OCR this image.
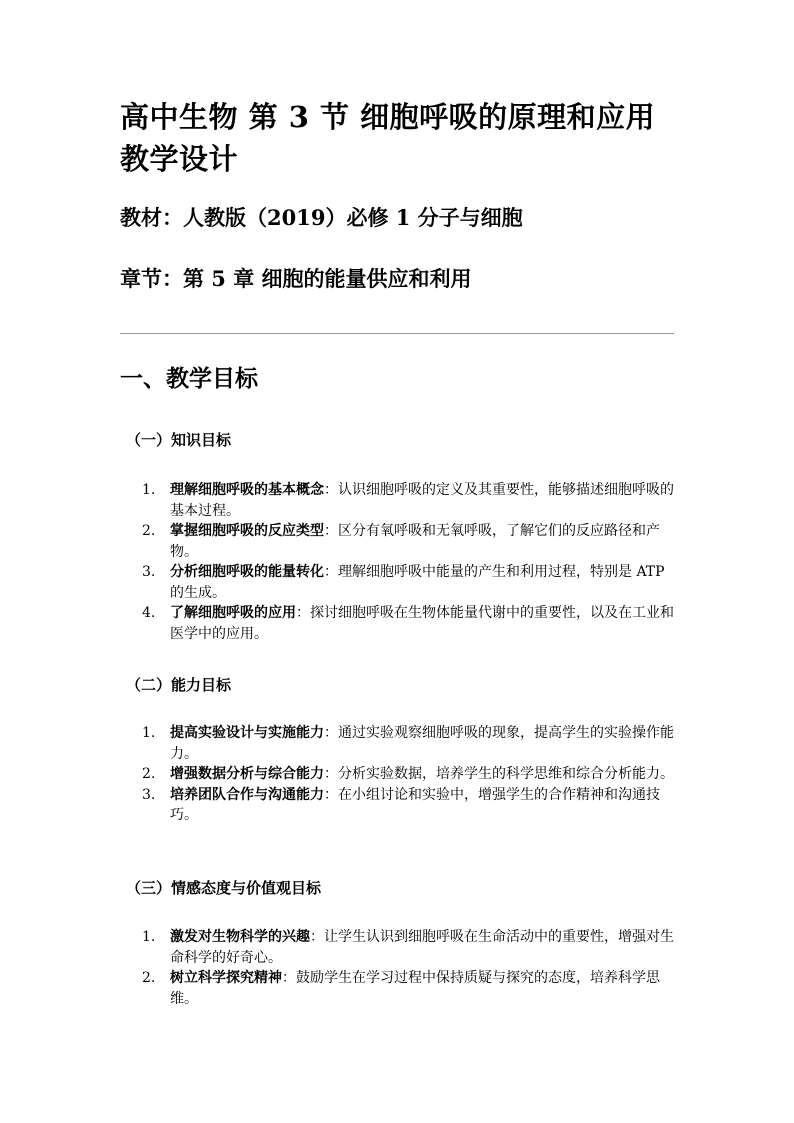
高中生物 第 3 节 细胞呼吸的原理和应用 教学设计

教材：人教版（2019）必修 1 分子与细胞

章节：第 5 章 细胞的能量供应和利用

一、教学目标
（一）知识目标
1. 理解细胞呼吸的基本概念：认识细胞呼吸的定义及其重要性，能够描述细胞呼吸的基本过程。
2. 掌握细胞呼吸的反应类型：区分有氧呼吸和无氧呼吸，了解它们的反应路径和产物。
3. 分析细胞呼吸的能量转化：理解细胞呼吸中能量的产生和利用过程，特别是 ATP 的生成。
4. 了解细胞呼吸的应用：探讨细胞呼吸在生物体能量代谢中的重要性，以及在工业和医学中的应用。
（二）能力目标
1. 提高实验设计与实施能力：通过实验观察细胞呼吸的现象，提高学生的实验操作能力。
2. 增强数据分析与综合能力：分析实验数据，培养学生的科学思维和综合分析能力。
3. 培养团队合作与沟通能力：在小组讨论和实验中，增强学生的合作精神和沟通技巧。
（三）情感态度与价值观目标
1. 激发对生物科学的兴趣：让学生认识到细胞呼吸在生命活动中的重要性，增强对生命科学的好奇心。
2. 树立科学探究精神：鼓励学生在学习过程中保持质疑与探究的态度，培养科学思维。
